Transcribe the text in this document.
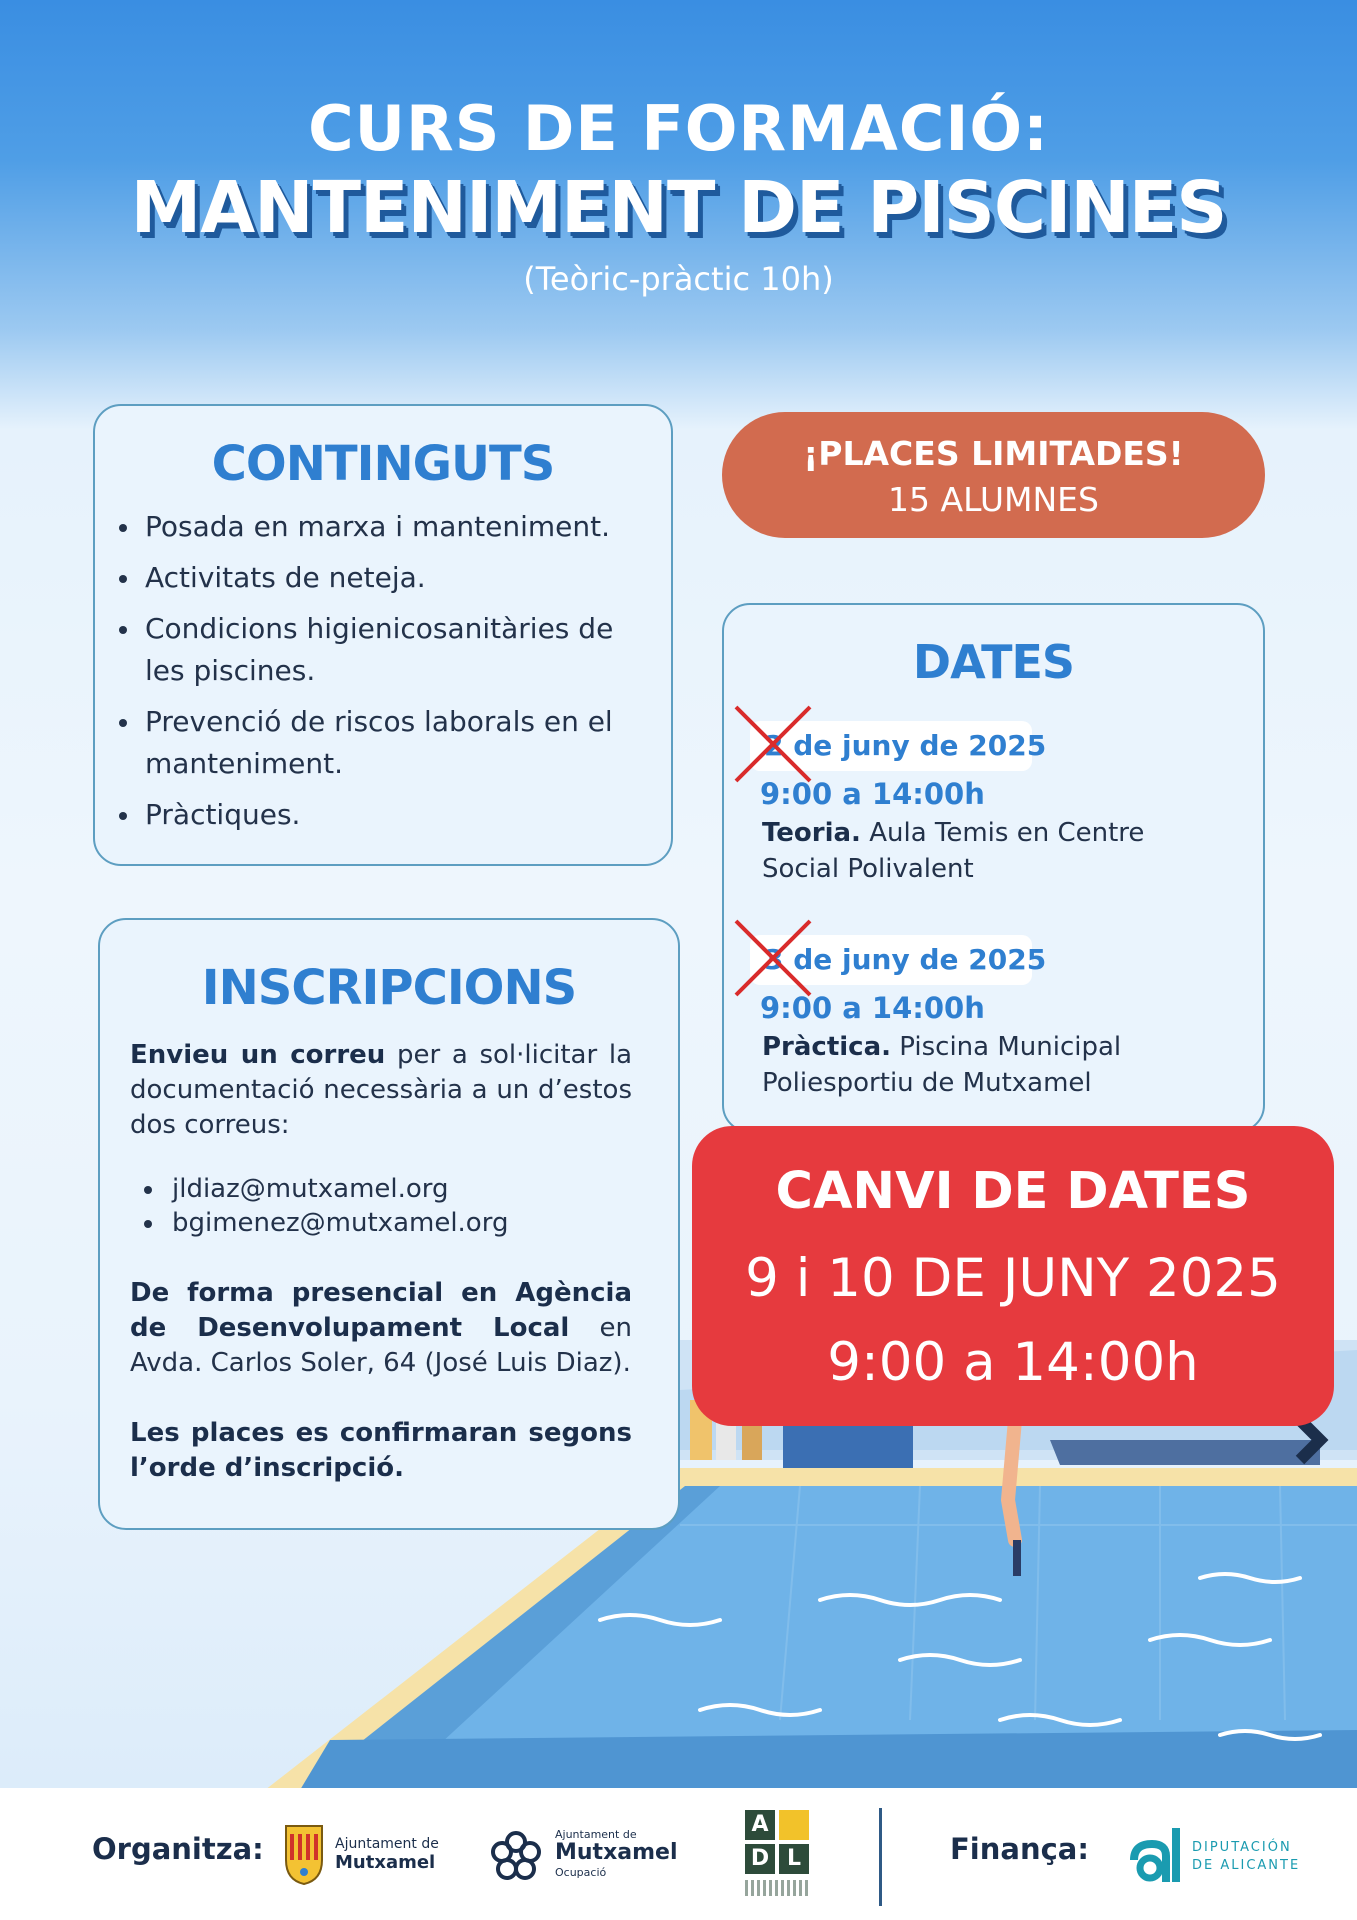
CURS DE FORMACIÓ:
MANTENIMENT DE PISCINES
(Teòric-pràctic 10h)
CONTINGUTS
Posada en marxa i manteniment.
Activitats de neteja.
Condicions higienicosanitàries de les piscines.
Prevenció de riscos laborals en el manteniment.
Pràctiques.
¡PLACES LIMITADES!
15 ALUMNES
DATES
2 de juny de 2025
9:00 a 14:00h

Teoria. Aula Temis en Centre Social Polivalent

3 de juny de 2025
9:00 a 14:00h

Pràctica. Piscina Municipal Poliesportiu de Mutxamel

CANVI DE DATES
9 i 10 DE JUNY 2025
9:00 a 14:00h
INSCRIPCIONS

Envieu un correu per a sol·licitar la documentació necessària a un d’estos dos correus:

jldiaz@mutxamel.org
bgimenez@mutxamel.org

De forma presencial en Agència de Desenvolupament Local en Avda. Carlos Soler, 64 (José Luis Diaz).

Les places es confirmaran segons l’orde d’inscripció.

Organitza:	Ajuntament de
Mutxamel
Ajuntament de
Mutxamel
Ocupació
A
D L	Finança:	DIPUTACIÓN
DE ALICANTE
